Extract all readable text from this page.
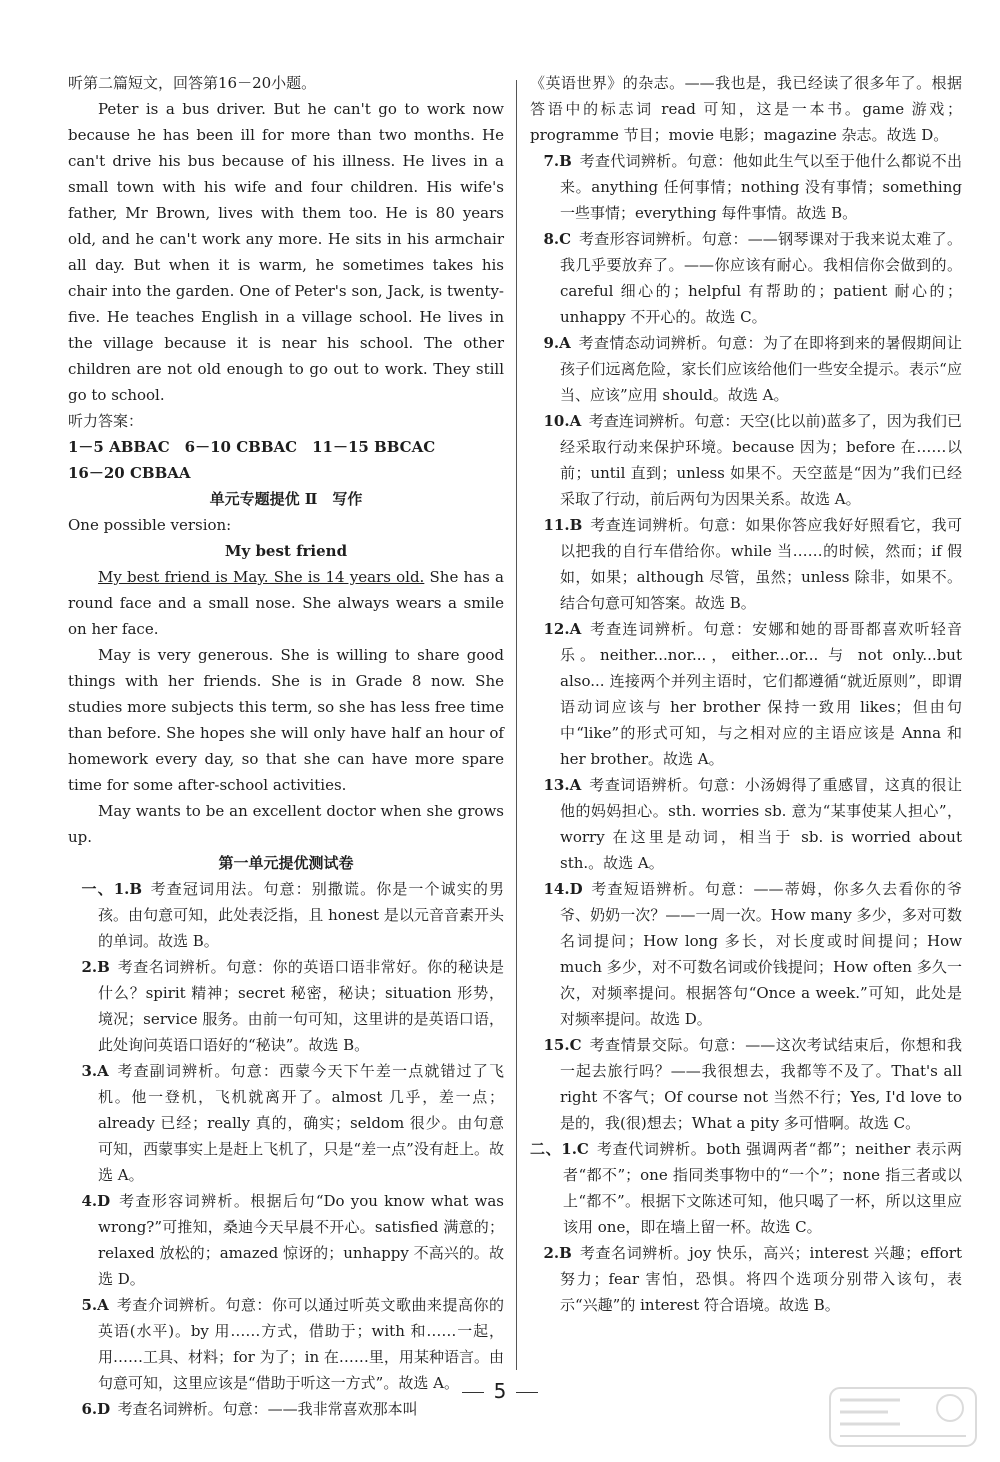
听第二篇短文，回答第16－20小题。

Peter is a bus driver. But he can't go to work now because he has been ill for more than two months. He can't drive his bus because of his illness. He lives in a small town with his wife and four children. His wife's father, Mr Brown, lives with them too. He is 80 years old, and he can't work any more. He sits in his armchair all day. But when it is warm, he sometimes takes his chair into the garden. One of Peter's son, Jack, is twenty-five. He teaches English in a village school. He lives in the village because it is near his school. The other children are not old enough to go out to work. They still go to school.

听力答案：

1－5 ABBAC　6－10 CBBAC　11－15 BBCAC

16－20 CBBAA

单元专题提优 Ⅱ　写作

One possible version:

My best friend

My best friend is May. She is 14 years old. She has a round face and a small nose. She always wears a smile on her face.

May is very generous. She is willing to share good things with her friends. She is in Grade 8 now. She studies more subjects this term, so she has less free time than before. She hopes she will only have half an hour of homework every day, so that she can have more spare time for some after-school activities.

May wants to be an excellent doctor when she grows up.

第一单元提优测试卷

一、1.B  考查冠词用法。句意：别撒谎。你是一个诚实的男孩。由句意可知，此处表泛指，且 honest 是以元音音素开头的单词。故选 B。

2.B  考查名词辨析。句意：你的英语口语非常好。你的秘诀是什么？spirit 精神；secret 秘密，秘诀；situation 形势，境况；service 服务。由前一句可知，这里讲的是英语口语，此处询问英语口语好的“秘诀”。故选 B。

3.A  考查副词辨析。句意：西蒙今天下午差一点就错过了飞机。他一登机，飞机就离开了。almost 几乎，差一点；already 已经；really 真的，确实；seldom 很少。由句意可知，西蒙事实上是赶上飞机了，只是“差一点”没有赶上。故选 A。

4.D  考查形容词辨析。根据后句“Do you know what was wrong?”可推知，桑迪今天早晨不开心。satisfied 满意的；relaxed 放松的；amazed 惊讶的；unhappy 不高兴的。故选 D。

5.A  考查介词辨析。句意：你可以通过听英文歌曲来提高你的英语(水平)。by 用……方式，借助于；with 和……一起，用……工具、材料；for 为了；in 在……里，用某种语言。由句意可知，这里应该是“借助于听这一方式”。故选 A。

6.D  考查名词辨析。句意：——我非常喜欢那本叫

《英语世界》的杂志。——我也是，我已经读了很多年了。根据答语中的标志词 read 可知，这是一本书。game 游戏；programme 节目；movie 电影；magazine 杂志。故选 D。

7.B  考查代词辨析。句意：他如此生气以至于他什么都说不出来。anything 任何事情；nothing 没有事情；something 一些事情；everything 每件事情。故选 B。

8.C  考查形容词辨析。句意：——钢琴课对于我来说太难了。我几乎要放弃了。——你应该有耐心。我相信你会做到的。careful 细心的；helpful 有帮助的；patient 耐心的；unhappy 不开心的。故选 C。

9.A  考查情态动词辨析。句意：为了在即将到来的暑假期间让孩子们远离危险，家长们应该给他们一些安全提示。表示“应当、应该”应用 should。故选 A。

10.A  考查连词辨析。句意：天空(比以前)蓝多了，因为我们已经采取行动来保护环境。because 因为；before 在……以前；until 直到；unless 如果不。天空蓝是“因为”我们已经采取了行动，前后两句为因果关系。故选 A。

11.B  考查连词辨析。句意：如果你答应我好好照看它，我可以把我的自行车借给你。while 当……的时候，然而；if 假如，如果；although 尽管，虽然；unless 除非，如果不。结合句意可知答案。故选 B。

12.A  考查连词辨析。句意：安娜和她的哥哥都喜欢听轻音乐。neither...nor...，either...or... 与 not only...but also... 连接两个并列主语时，它们都遵循“就近原则”，即谓语动词应该与 her brother 保持一致用 likes；但由句中“like”的形式可知，与之相对应的主语应该是 Anna 和 her brother。故选 A。

13.A  考查词语辨析。句意：小汤姆得了重感冒，这真的很让他的妈妈担心。sth. worries sb. 意为“某事使某人担心”，worry 在这里是动词，相当于 sb. is worried about sth.。故选 A。

14.D  考查短语辨析。句意：——蒂姆，你多久去看你的爷爷、奶奶一次？——一周一次。How many 多少，多对可数名词提问；How long 多长，对长度或时间提问；How much 多少，对不可数名词或价钱提问；How often 多久一次，对频率提问。根据答句“Once a week.”可知，此处是对频率提问。故选 D。

15.C  考查情景交际。句意：——这次考试结束后，你想和我一起去旅行吗？——我很想去，我都等不及了。That's all right 不客气；Of course not 当然不行；Yes, I'd love to 是的，我(很)想去；What a pity 多可惜啊。故选 C。

二、1.C  考查代词辨析。both 强调两者“都”；neither 表示两者“都不”；one 指同类事物中的“一个”；none 指三者或以上“都不”。根据下文陈述可知，他只喝了一杯，所以这里应该用 one，即在墙上留一杯。故选 C。

2.B  考查名词辨析。joy 快乐，高兴；interest 兴趣；effort 努力；fear 害怕，恐惧。将四个选项分别带入该句，表示“兴趣”的 interest 符合语境。故选 B。

5
